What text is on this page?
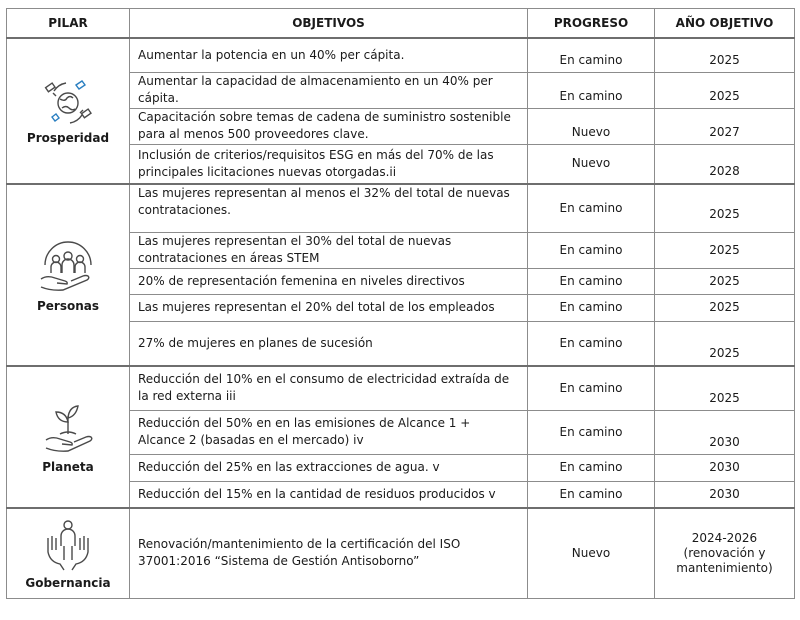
PILAR	OBJETIVOS	PROGRESO	AÑO OBJETIVO

Prosperidad	Aumentar la potencia en un 40% per cápita.	En camino	2025
	Aumentar la capacidad de almacenamiento en un 40% per cápita.	En camino	2025
	Capacitación sobre temas de cadena de suministro sostenible para al menos 500 proveedores clave.	Nuevo	2027
	Inclusión de criterios/requisitos ESG en más del 70% de las principales licitaciones nuevas otorgadas.ii	Nuevo	2028

Personas	Las mujeres representan al menos el 32% del total de nuevas contrataciones.	En camino	2025
	Las mujeres representan el 30% del total de nuevas contrataciones en áreas STEM	En camino	2025
	20% de representación femenina en niveles directivos	En camino	2025
	Las mujeres representan el 20% del total de los empleados	En camino	2025
	27% de mujeres en planes de sucesión	En camino	2025

Planeta	Reducción del 10% en el consumo de electricidad extraída de la red externa iii	En camino	2025
	Reducción del 50% en en las emisiones de Alcance 1 + Alcance 2 (basadas en el mercado) iv	En camino	2030
	Reducción del 25% en las extracciones de agua. v	En camino	2030
	Reducción del 15% en la cantidad de residuos producidos v	En camino	2030

Gobernancia	Renovación/mantenimiento de la certificación del ISO 37001:2016 “Sistema de Gestión Antisoborno”	Nuevo	2024-2026 (renovación y mantenimiento)
